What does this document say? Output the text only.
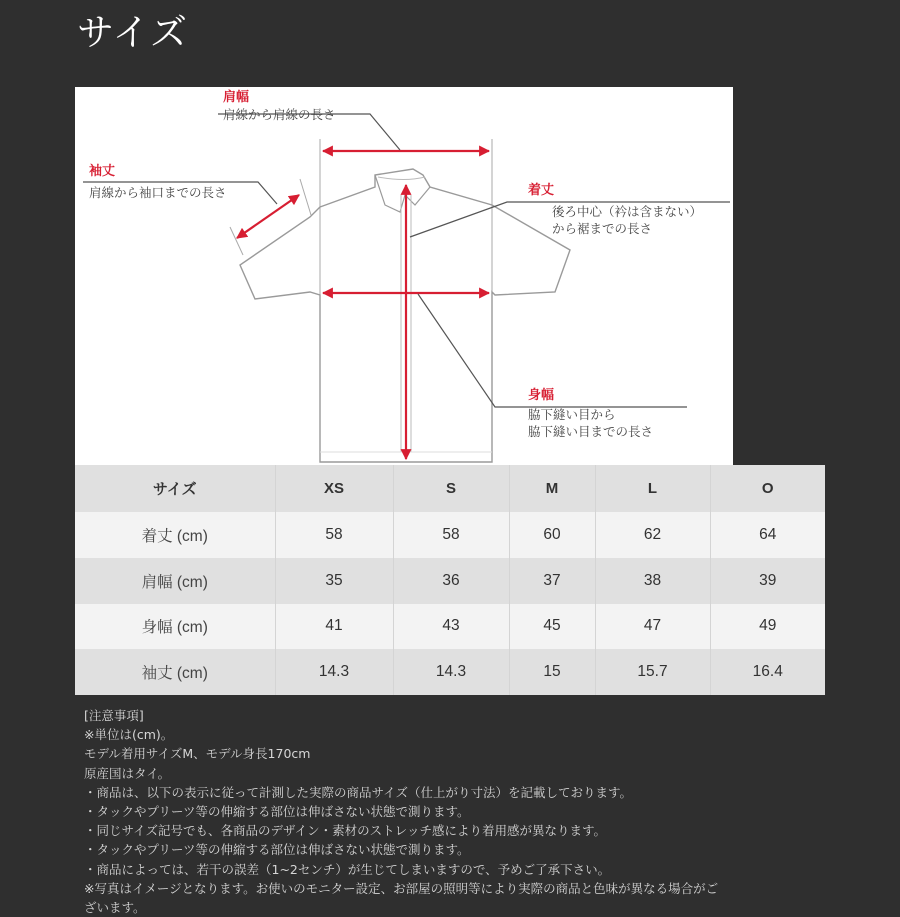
サイズ
肩幅
肩線から肩線の長さ
袖丈
肩線から袖口までの長さ	着丈
後ろ中心（衿は含まない）
から裾までの長さ
身幅
脇下縫い目から
脇下縫い目までの長さ
サイズ	XS	S	M	L	O
着丈 (cm)	58	58	60	62	64
肩幅 (cm)	35	36	37	38	39
身幅 (cm)	41	43	45	47	49
袖丈 (cm)	14.3	14.3	15	15.7	16.4
[注意事項]
※単位は(cm)。
モデル着用サイズM、モデル身長170cm
原産国はタイ。
・商品は、以下の表示に従って計測した実際の商品サイズ（仕上がり寸法）を記載しております。
・タックやプリーツ等の伸縮する部位は伸ばさない状態で測ります。
・同じサイズ記号でも、各商品のデザイン・素材のストレッチ感により着用感が異なります。
・タックやプリーツ等の伸縮する部位は伸ばさない状態で測ります。
・商品によっては、若干の誤差（1~2センチ）が生じてしまいますので、予めご了承下さい。
※写真はイメージとなります。お使いのモニター設定、お部屋の照明等により実際の商品と色味が異なる場合がご
ざいます。
